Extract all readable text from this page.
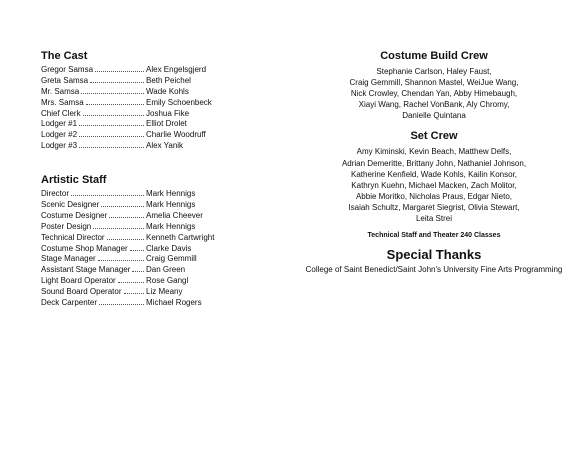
The Cast
Gregor Samsa	Alex Engelsgjerd
Greta Samsa	Beth Peichel
Mr. Samsa	Wade Kohls
Mrs. Samsa	Emily Schoenbeck
Chief Clerk	Joshua Fike
Lodger #1	Elliot Drolet
Lodger #2	Charlie Woodruff
Lodger #3	Alex Yanik
Artistic Staff
Director	Mark Hennigs
Scenic Designer	Mark Hennigs
Costume Designer	Amelia Cheever
Poster Design	Mark Hennigs
Technical Director	Kenneth Cartwright
Costume Shop Manager Clarke Davis
Stage Manager	Craig Gemmill
Assistant Stage Manager Dan Green
Light Board Operator	Rose Gangl
Sound Board Operator	Liz Meany
Deck Carpenter	Michael Rogers
Costume Build Crew

Stephanie Carlson, Haley Faust,

Craig Gemmill, Shannon Mastel, WeiJue Wang,

Nick Crowley, Chendan Yan, Abby Himebaugh,

Xiayi Wang, Rachel VonBank, Aly Chromy,

Danielle Quintana

Set Crew

Amy Kiminski, Kevin Beach, Matthew Delfs,

Adrian Demeritte, Brittany John, Nathaniel Johnson,

Katherine Kenfield, Wade Kohls, Kailin Konsor,

Kathryn Kuehn, Michael Macken, Zach Molitor,

Abbie Moritko, Nicholas Praus, Edgar Nieto,

Isaiah Schultz, Margaret Siegrist, Olivia Stewart,

Leita Strei

Technical Staff and Theater 240 Classes

Special Thanks

College of Saint Benedict/Saint John's University Fine Arts Programming
